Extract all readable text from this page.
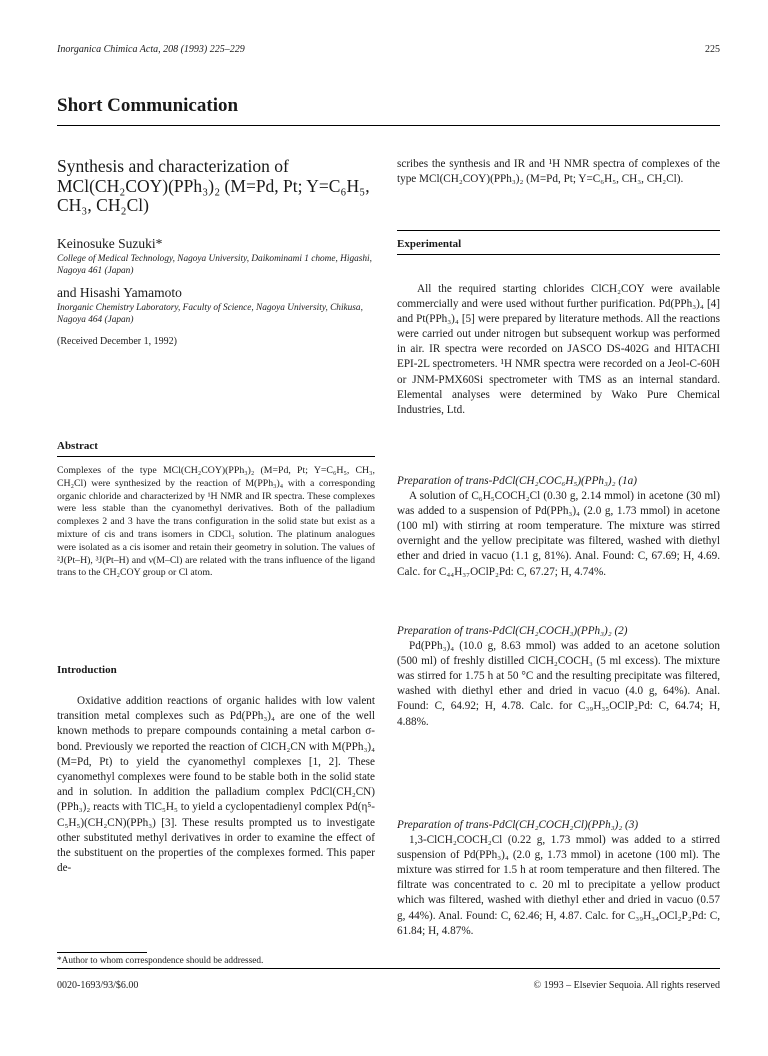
Inorganica Chimica Acta, 208 (1993) 225–229	225
Short Communication
Synthesis and characterization of MCl(CH₂COY)(PPh₃)₂ (M=Pd, Pt; Y=C₆H₅, CH₃, CH₂Cl)
Keinosuke Suzuki*
College of Medical Technology, Nagoya University, Daikominami 1 chome, Higashi, Nagoya 461 (Japan)
and Hisashi Yamamoto
Inorganic Chemistry Laboratory, Faculty of Science, Nagoya University, Chikusa, Nagoya 464 (Japan)
(Received December 1, 1992)
Abstract

Complexes of the type MCl(CH₂COY)(PPh₃)₂ (M=Pd, Pt; Y=C₆H₅, CH₃, CH₂Cl) were synthesized by the reaction of M(PPh₃)₄ with a corresponding organic chloride and characterized by ¹H NMR and IR spectra. These complexes were less stable than the cyanomethyl derivatives. Both of the palladium complexes 2 and 3 have the trans configuration in the solid state but exist as a mixture of cis and trans isomers in CDCl₃ solution. The platinum analogues were isolated as a cis isomer and retain their geometry in solution. The values of ²J(Pt–H), ³J(Pt–H) and ν(M–Cl) are related with the trans influence of the ligand trans to the CH₂COY group or Cl atom.

Introduction

Oxidative addition reactions of organic halides with low valent transition metal complexes such as Pd(PPh₃)₄ are one of the well known methods to prepare compounds containing a metal carbon σ-bond. Previously we reported the reaction of ClCH₂CN with M(PPh₃)₄ (M=Pd, Pt) to yield the cyanomethyl complexes [1, 2]. These cyanomethyl complexes were found to be stable both in the solid state and in solution. In addition the palladium complex PdCl(CH₂CN)(PPh₃)₂ reacts with TlC₅H₅ to yield a cyclopentadienyl complex Pd(η⁵-C₅H₅)(CH₂CN)(PPh₃) [3]. These results prompted us to investigate other substituted methyl derivatives in order to examine the effect of the substituent on the properties of the complexes formed. This paper de-

*Author to whom correspondence should be addressed.

scribes the synthesis and IR and ¹H NMR spectra of complexes of the type MCl(CH₂COY)(PPh₃)₂ (M=Pd, Pt; Y=C₆H₅, CH₃, CH₂Cl).

Experimental

All the required starting chlorides ClCH₂COY were available commercially and were used without further purification. Pd(PPh₃)₄ [4] and Pt(PPh₃)₄ [5] were prepared by literature methods. All the reactions were carried out under nitrogen but subsequent workup was performed in air. IR spectra were recorded on JASCO DS-402G and HITACHI EPI-2L spectrometers. ¹H NMR spectra were recorded on a Jeol-C-60H or JNM-PMX60Si spectrometer with TMS as an internal standard. Elemental analyses were determined by Wako Pure Chemical Industries, Ltd.

Preparation of trans-PdCl(CH₂COC₆H₅)(PPh₃)₂ (1a)

A solution of C₆H₅COCH₂Cl (0.30 g, 2.14 mmol) in acetone (30 ml) was added to a suspension of Pd(PPh₃)₄ (2.0 g, 1.73 mmol) in acetone (100 ml) with stirring at room temperature. The mixture was stirred overnight and the yellow precipitate was filtered, washed with diethyl ether and dried in vacuo (1.1 g, 81%). Anal. Found: C, 67.69; H, 4.69. Calc. for C₄₄H₃₇OClP₂Pd: C, 67.27; H, 4.74%.

Preparation of trans-PdCl(CH₂COCH₃)(PPh₃)₂ (2)

Pd(PPh₃)₄ (10.0 g, 8.63 mmol) was added to an acetone solution (500 ml) of freshly distilled ClCH₂COCH₃ (5 ml excess). The mixture was stirred for 1.75 h at 50 °C and the resulting precipitate was filtered, washed with diethyl ether and dried in vacuo (4.0 g, 64%). Anal. Found: C, 64.92; H, 4.78. Calc. for C₃₉H₃₅OClP₂Pd: C, 64.74; H, 4.88%.

Preparation of trans-PdCl(CH₂COCH₂Cl)(PPh₃)₂ (3)

1,3-ClCH₂COCH₂Cl (0.22 g, 1.73 mmol) was added to a stirred suspension of Pd(PPh₃)₄ (2.0 g, 1.73 mmol) in acetone (100 ml). The mixture was stirred for 1.5 h at room temperature and then filtered. The filtrate was concentrated to c. 20 ml to precipitate a yellow product which was filtered, washed with diethyl ether and dried in vacuo (0.57 g, 44%). Anal. Found: C, 62.46; H, 4.87. Calc. for C₃₉H₃₄OCl₂P₂Pd: C, 61.84; H, 4.87%.

0020-1693/93/$6.00	© 1993 – Elsevier Sequoia. All rights reserved
